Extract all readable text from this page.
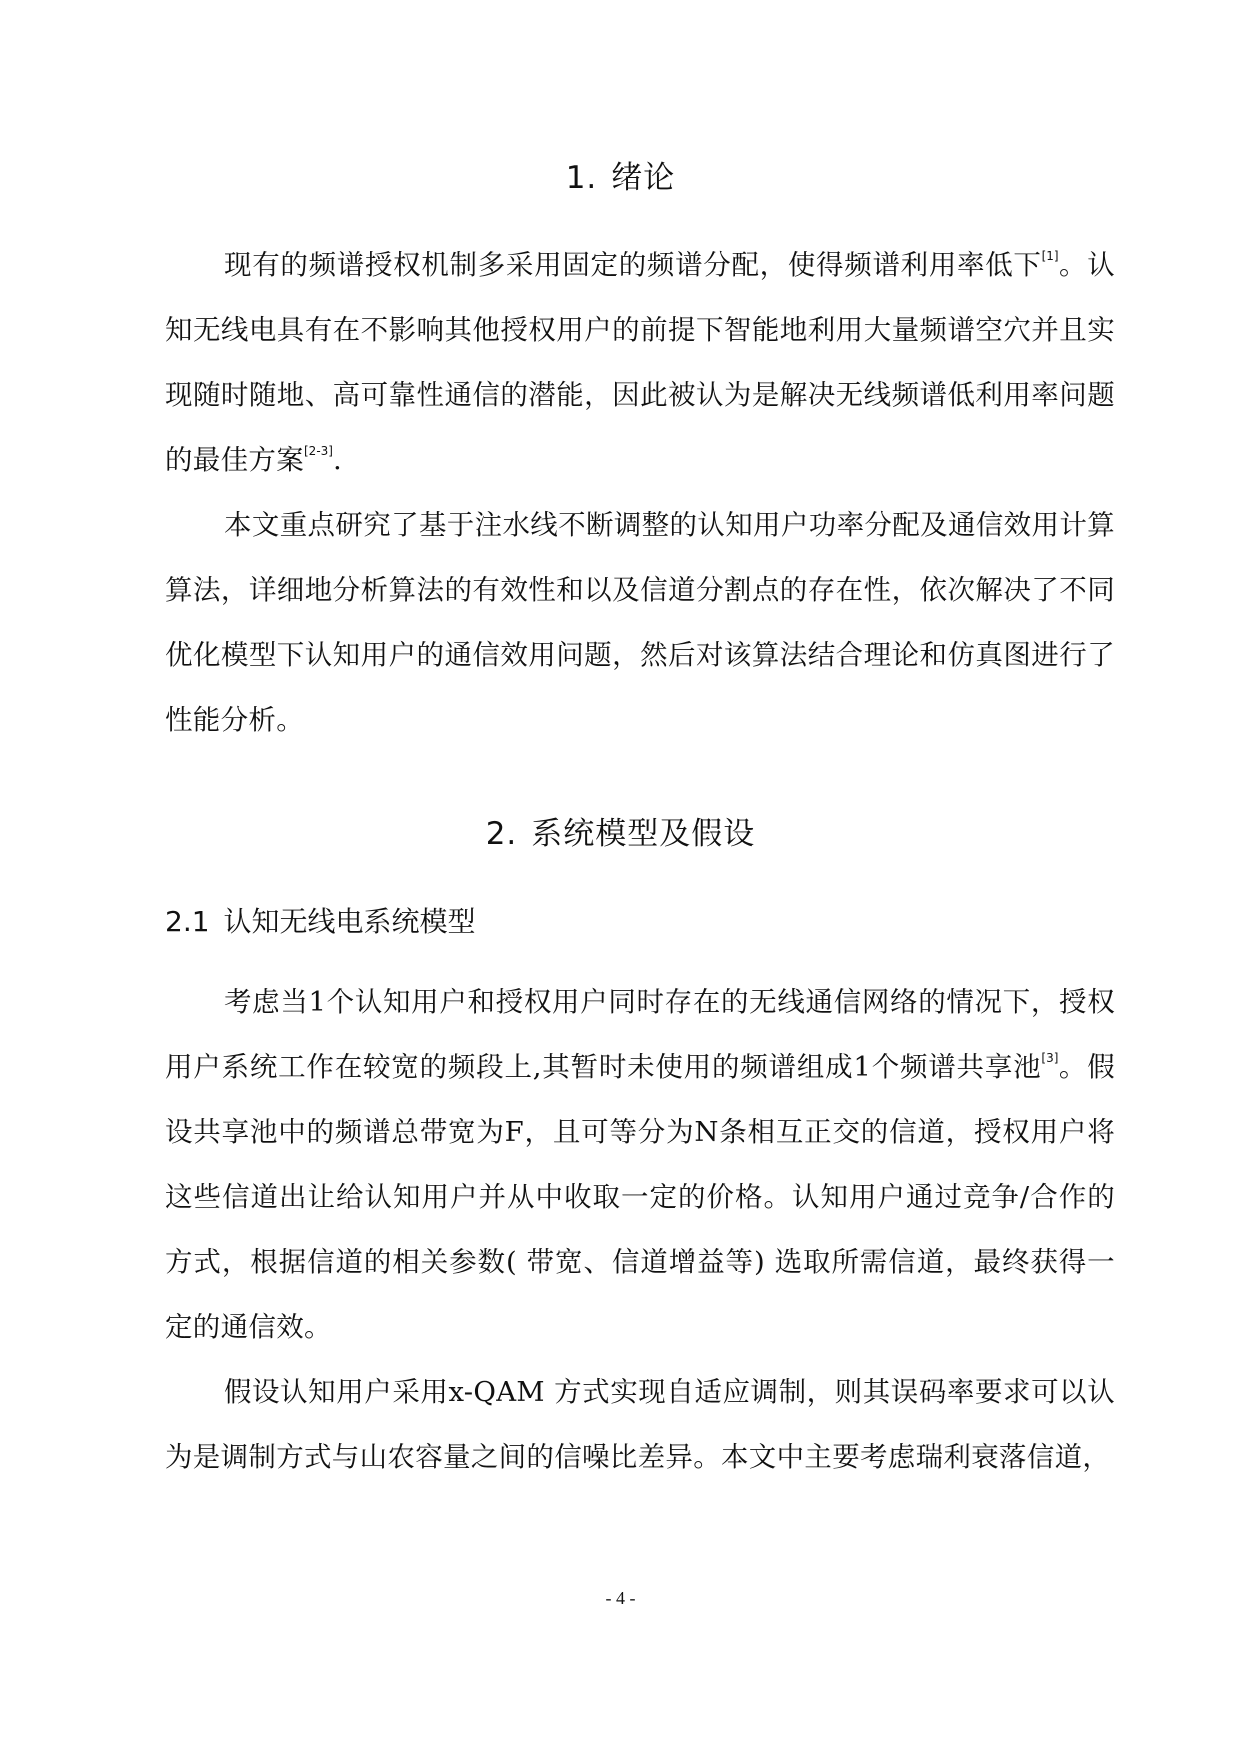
1. 绪论
现有的频谱授权机制多采用固定的频谱分配，使得频谱利用率低下[1]。认知无线电具有在不影响其他授权用户的前提下智能地利用大量频谱空穴并且实现随时随地、高可靠性通信的潜能，因此被认为是解决无线频谱低利用率问题的最佳方案[2-3].
本文重点研究了基于注水线不断调整的认知用户功率分配及通信效用计算算法，详细地分析算法的有效性和以及信道分割点的存在性，依次解决了不同优化模型下认知用户的通信效用问题，然后对该算法结合理论和仿真图进行了性能分析。
2. 系统模型及假设
2.1 认知无线电系统模型
考虑当1个认知用户和授权用户同时存在的无线通信网络的情况下，授权用户系统工作在较宽的频段上,其暂时未使用的频谱组成1个频谱共享池[3]。假设共享池中的频谱总带宽为F，且可等分为N条相互正交的信道，授权用户将这些信道出让给认知用户并从中收取一定的价格。认知用户通过竞争/合作的方式，根据信道的相关参数( 带宽、信道增益等) 选取所需信道，最终获得一定的通信效。
假设认知用户采用x-QAM 方式实现自适应调制，则其误码率要求可以认为是调制方式与山农容量之间的信噪比差异。本文中主要考虑瑞利衰落信道，
- 4 -
